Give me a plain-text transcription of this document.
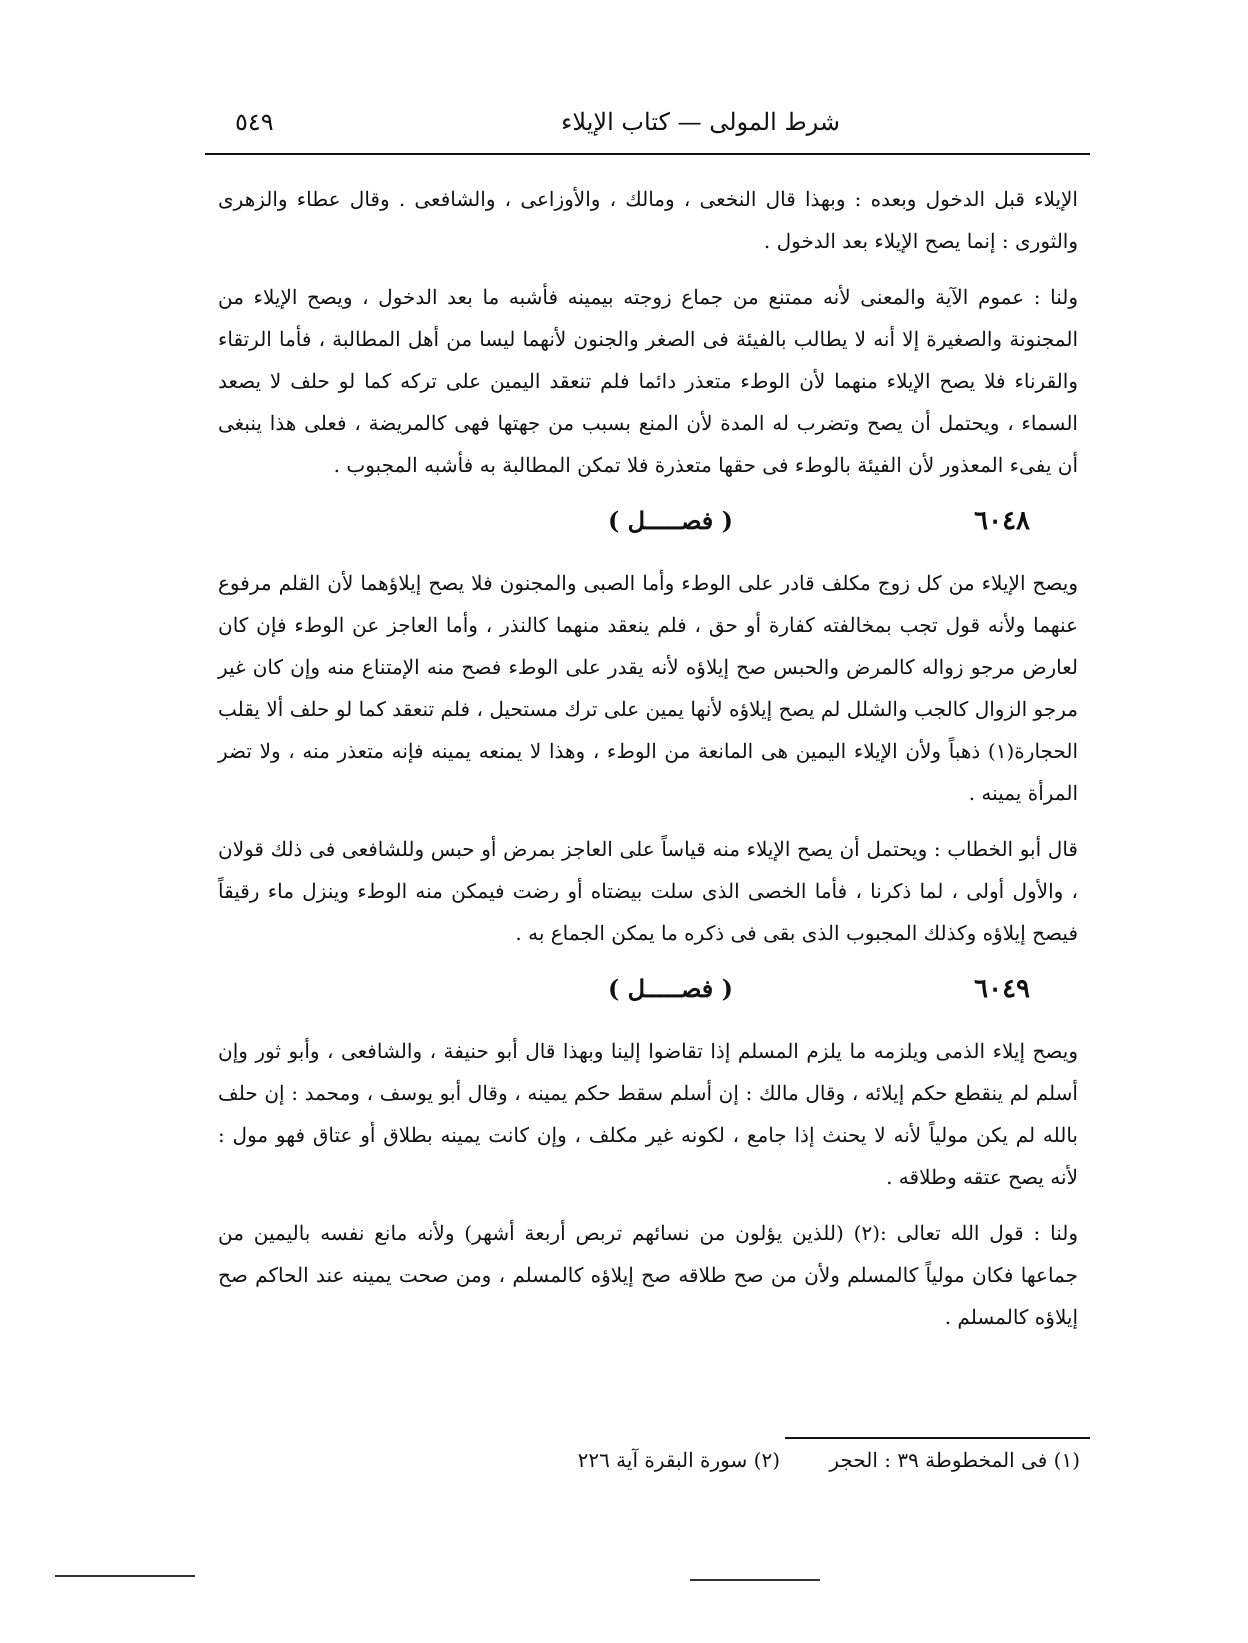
شرط المولى — كتاب الإيلاء
٥٤٩

الإيلاء قبل الدخول وبعده : وبهذا قال النخعى ، ومالك ، والأوزاعى ، والشافعى . وقال عطاء والزهرى والثورى : إنما يصح الإيلاء بعد الدخول .

ولنا : عموم الآية والمعنى لأنه ممتنع من جماع زوجته بيمينه فأشبه ما بعد الدخول ، ويصح الإيلاء من المجنونة والصغيرة إلا أنه لا يطالب بالفيئة فى الصغر والجنون لأنهما ليسا من أهل المطالبة ، فأما الرتقاء والقرناء فلا يصح الإيلاء منهما لأن الوطء متعذر دائما فلم تنعقد اليمين على تركه كما لو حلف لا يصعد السماء ، ويحتمل أن يصح وتضرب له المدة لأن المنع بسبب من جهتها فهى كالمريضة ، فعلى هذا ينبغى أن يفىء المعذور لأن الفيئة بالوطء فى حقها متعذرة فلا تمكن المطالبة به فأشبه المجبوب .

٦٠٤٨
( فصـــــل )

ويصح الإيلاء من كل زوج مكلف قادر على الوطء وأما الصبى والمجنون فلا يصح إيلاؤهما لأن القلم مرفوع عنهما ولأنه قول تجب بمخالفته كفارة أو حق ، فلم ينعقد منهما كالنذر ، وأما العاجز عن الوطء فإن كان لعارض مرجو زواله كالمرض والحبس صح إيلاؤه لأنه يقدر على الوطء فصح منه الإمتناع منه وإن كان غير مرجو الزوال كالجب والشلل لم يصح إيلاؤه لأنها يمين على ترك مستحيل ، فلم تنعقد كما لو حلف ألا يقلب الحجارة(١) ذهباً ولأن الإيلاء اليمين هى المانعة من الوطء ، وهذا لا يمنعه يمينه فإنه متعذر منه ، ولا تضر المرأة يمينه .

قال أبو الخطاب : ويحتمل أن يصح الإيلاء منه قياساً على العاجز بمرض أو حبس وللشافعى فى ذلك قولان ، والأول أولى ، لما ذكرنا ، فأما الخصى الذى سلت بيضتاه أو رضت فيمكن منه الوطء وينزل ماء رقيقاً فيصح إيلاؤه وكذلك المجبوب الذى بقى فى ذكره ما يمكن الجماع به .

٦٠٤٩
( فصـــــل )

ويصح إيلاء الذمى ويلزمه ما يلزم المسلم إذا تقاضوا إلينا وبهذا قال أبو حنيفة ، والشافعى ، وأبو ثور وإن أسلم لم ينقطع حكم إيلائه ، وقال مالك : إن أسلم سقط حكم يمينه ، وقال أبو يوسف ، ومحمد : إن حلف بالله لم يكن مولياً لأنه لا يحنث إذا جامع ، لكونه غير مكلف ، وإن كانت يمينه بطلاق أو عتاق فهو مول : لأنه يصح عتقه وطلاقه .

ولنا : قول الله تعالى :(٢) (للذين يؤلون من نسائهم تربص أربعة أشهر) ولأنه مانع نفسه باليمين من جماعها فكان مولياً كالمسلم ولأن من صح طلاقه صح إيلاؤه كالمسلم ، ومن صحت يمينه عند الحاكم صح إيلاؤه كالمسلم .

(١) فى المخطوطة ٣٩ : الحجر
(٢) سورة البقرة آية ٢٢٦
